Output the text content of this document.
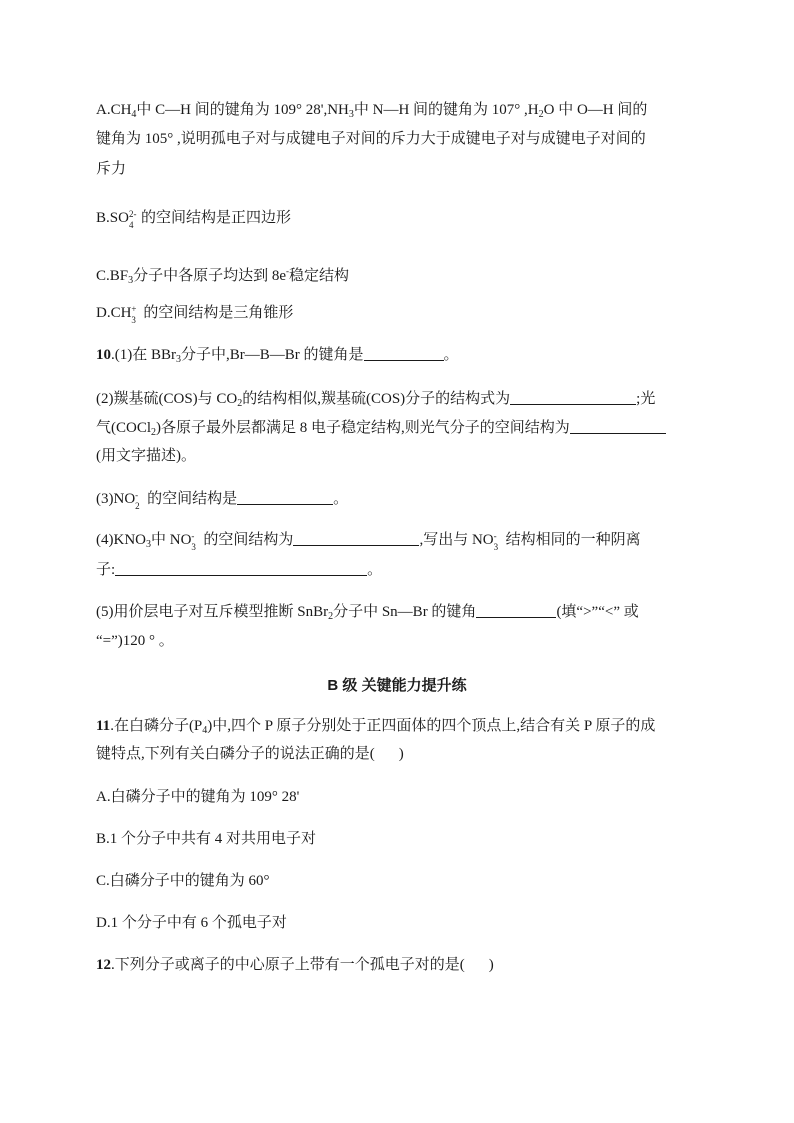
$A.CH_4$中 C—H 间的键角为 109° $28',NH_3$中 N—H 间的键角为 107° $,H_2O$ 中 O—H 间的
键角为 105° ,说明孤电子对与成键电子对间的斥力大于成键电子对与成键电子对间的
斥力
B.SO 2-
4 的空间结构是正四边形
$C.BF_3$分子中各原子均达到 8e-稳定结构
D.CH +
3 的空间结构是三角锥形
10.(1)在 BBr$_3$分子中,Br—B—Br 的键角是	。
(2)羰基硫(COS)与 $CO_2$的结构相似,羰基硫(COS)分子的结构式为	;光
气(COCl$_2$)各原子最外层都满足 8 电子稳定结构,则光气分子的空间结构为
(用文字描述)。
(3)NO -
2 的空间结构是	。
$(4)KNO_3$中 NO -
3 的空间结构为	,写出与 NO -
3 结构相同的一种阴离
子:	。
(5)用价层电子对互斥模型推断 SnBr$_2$分子中 Sn—Br 的键角	(填“>”“<” 或
“=”)120 ° 。
B 级 关键能力提升练
11.在白磷分子$(P_4)$中,四个 P 原子分别处于正四面体的四个顶点上,结合有关 P 原子的成
键特点,下列有关白磷分子的说法正确的是( )
A.白磷分子中的键角为 109° 28'
B.1 个分子中共有 4 对共用电子对
C.白磷分子中的键角为 60°
D.1 个分子中有 6 个孤电子对
12.下列分子或离子的中心原子上带有一个孤电子对的是( )
